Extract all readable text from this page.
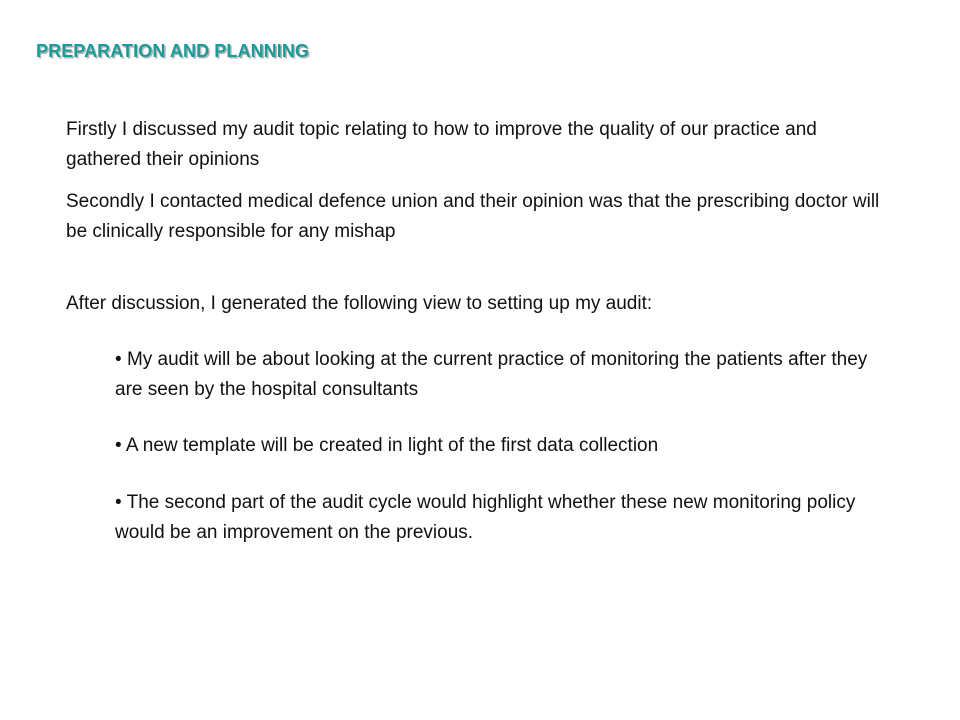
PREPARATION AND PLANNING

Firstly I discussed my audit topic relating to how to improve the quality of our practice and gathered their opinions

Secondly I contacted medical defence union and their opinion was that the prescribing doctor will be clinically responsible for any mishap

After discussion, I generated the following view to setting up my audit:

• My audit will be about looking at the current practice of monitoring the patients after they are seen by the hospital consultants

• A new template will be created in light of the first data collection

• The second part of the audit cycle would highlight whether these new monitoring policy would be an improvement on the previous.
